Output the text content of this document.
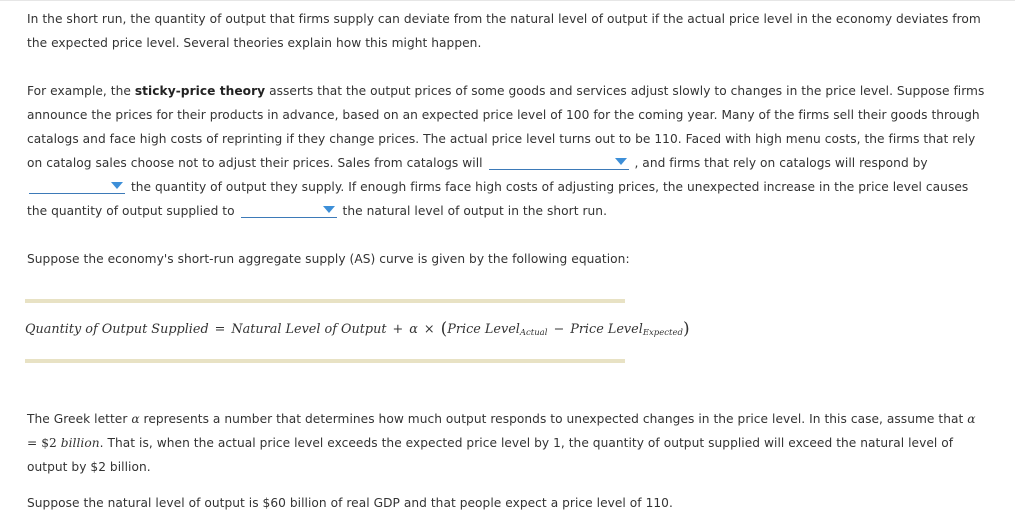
In the short run, the quantity of output that firms supply can deviate from the natural level of output if the actual price level in the economy deviates from the expected price level. Several theories explain how this might happen.

For example, the sticky-price theory asserts that the output prices of some goods and services adjust slowly to changes in the price level. Suppose firms announce the prices for their products in advance, based on an expected price level of 100 for the coming year. Many of the firms sell their goods through catalogs and face high costs of reprinting if they change prices. The actual price level turns out to be 110. Faced with high menu costs, the firms that rely on catalog sales choose not to adjust their prices. Sales from catalogs will	, and firms that rely on catalogs will respond by
the quantity of output they supply. If enough firms face high costs of adjusting prices, the unexpected increase in the price level causes the quantity of output supplied to	the natural level of output in the short run.

Suppose the economy's short-run aggregate supply (AS) curve is given by the following equation:

Quantity of Output Supplied = Natural Level of Output + α × (Price Level$_{Actual}$ − Price Level$_{Expected}$)

The Greek letter α represents a number that determines how much output responds to unexpected changes in the price level. In this case, assume that α = $2 billion. That is, when the actual price level exceeds the expected price level by 1, the quantity of output supplied will exceed the natural level of output by $2 billion.

Suppose the natural level of output is $60 billion of real GDP and that people expect a price level of 110.
